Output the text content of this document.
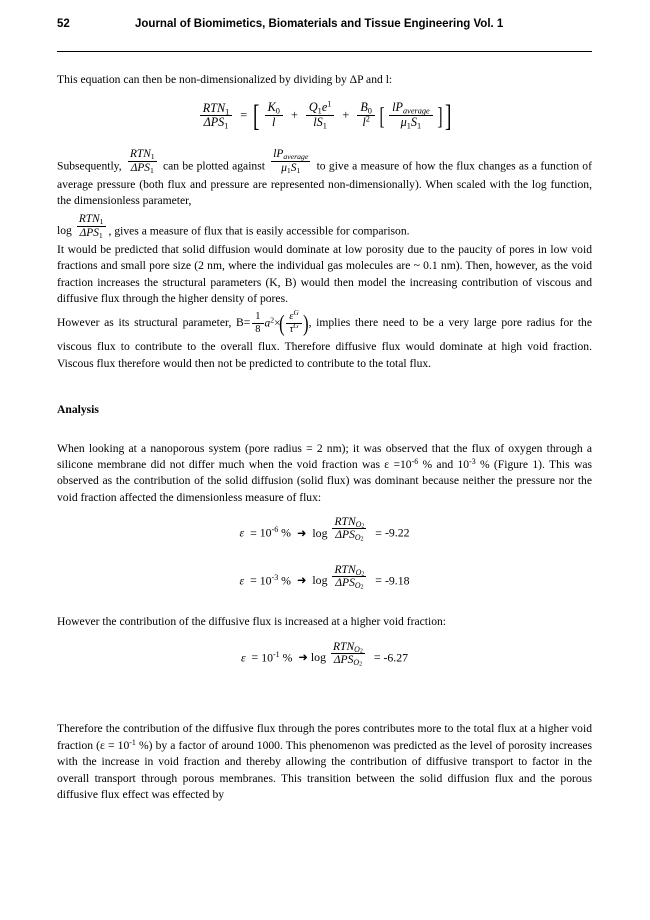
52	Journal of Biomimetics, Biomaterials and Tissue Engineering Vol. 1

This equation can then be non-dimensionalized by dividing by ΔP and l:

$\frac{RTN_1}{\Delta PS_1}$ = [ $\frac{K_0}{l} + \frac{Q_1e^1}{lS_1} + \frac{B_0}{l^2}$ [ $\frac{lP_{average}}{\mu_1S_1}$ ] ]

Subsequently, $\frac{RTN_1}{\Delta PS_1}$ can be plotted against $\frac{lP_{average}}{\mu_1S_1}$ to give a measure of how the flux changes as a function of average pressure (both flux and pressure are represented non-dimensionally). When scaled with the log function, the dimensionless parameter,

$\log \frac{RTN_1}{\Delta PS_1}$ , gives a measure of flux that is easily accessible for comparison.

It would be predicted that solid diffusion would dominate at low porosity due to the paucity of pores in low void fractions and small pore size (2 nm, where the individual gas molecules are ~ 0.1 nm). Then, however, as the void fraction increases the structural parameters (K, B) would then model the increasing contribution of viscous and diffusive flux through the higher density of pores.

However as its structural parameter, $B= \frac{1}{8} a^2\times( \frac{\varepsilon^G}{\tau^G}$ ) , implies there need to be a very large pore radius for the viscous flux to contribute to the overall flux. Therefore diffusive flux would dominate at high void fraction. Viscous flux therefore would then not be predicted to contribute to the total flux.

Analysis

When looking at a nanoporous system (pore radius = 2 nm); it was observed that the flux of oxygen through a silicone membrane did not differ much when the void fraction was $\varepsilon =10^{-6}$ % and $10^{-3}$ % (Figure 1). This was observed as the contribution of the solid diffusion (solid flux) was dominant because neither the pressure nor the void fraction affected the dimensionless measure of flux:

$\varepsilon = 10^{-6}$ % ➜ $\log \frac{RTN_{O2}}{\Delta PS_{O2}} = -9.22$
$\varepsilon = 10^{-3}$ % ➜ $\log \frac{RTN_{O2}}{\Delta PS_{O2}} = -9.18$

However the contribution of the diffusive flux is increased at a higher void fraction:

$\varepsilon = 10^{-1}$ % ➜ $\log \frac{RTN_{O2}}{\Delta PS_{O2}} = -6.27$

Therefore the contribution of the diffusive flux through the pores contributes more to the total flux at a higher void fraction ($\varepsilon = 10^{-1}$ %) by a factor of around 1000. This phenomenon was predicted as the level of porosity increases with the increase in void fraction and thereby allowing the contribution of diffusive transport to factor in the overall transport through porous membranes. This transition between the solid diffusion flux and the porous diffusive flux effect was effected by
